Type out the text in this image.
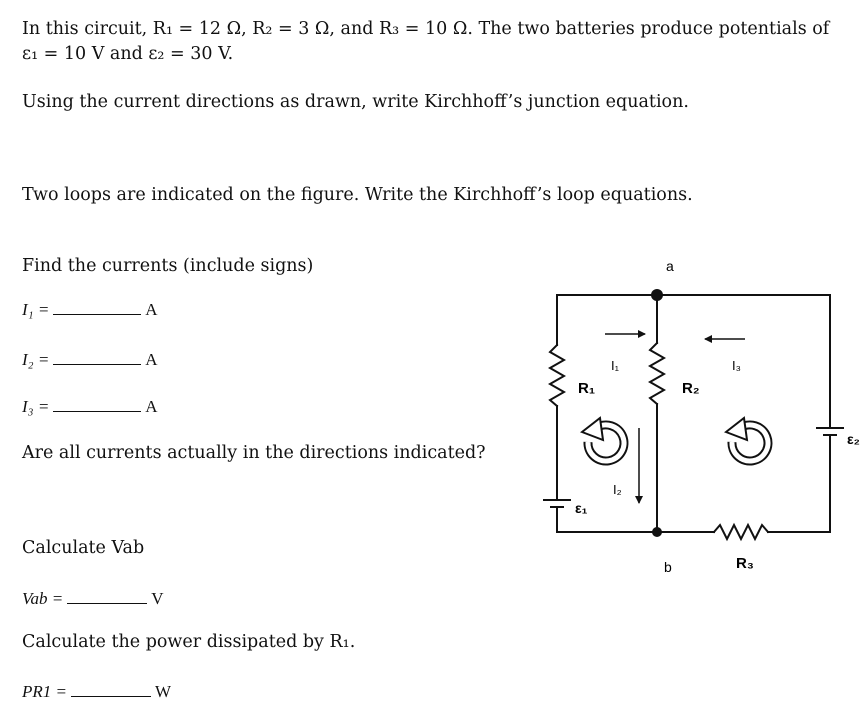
In this circuit, R₁ = 12 Ω, R₂ = 3 Ω, and R₃ = 10 Ω. The two batteries produce potentials of
ε₁ = 10 V and ε₂ = 30 V.
Using the current directions as drawn, write Kirchhoff’s junction equation.
Two loops are indicated on the figure. Write the Kirchhoff’s loop equations.
Find the currents (include signs)
I₁ =	A
I₂ =	A
I₃ =	A
Are all currents actually in the directions indicated?
Calculate Vab
Vab =	V
Calculate the power dissipated by R₁.
PR1 =	W
a
b
R₁	R₂
R₃
I₁	I₃
I₂
ε₁
ε₂
